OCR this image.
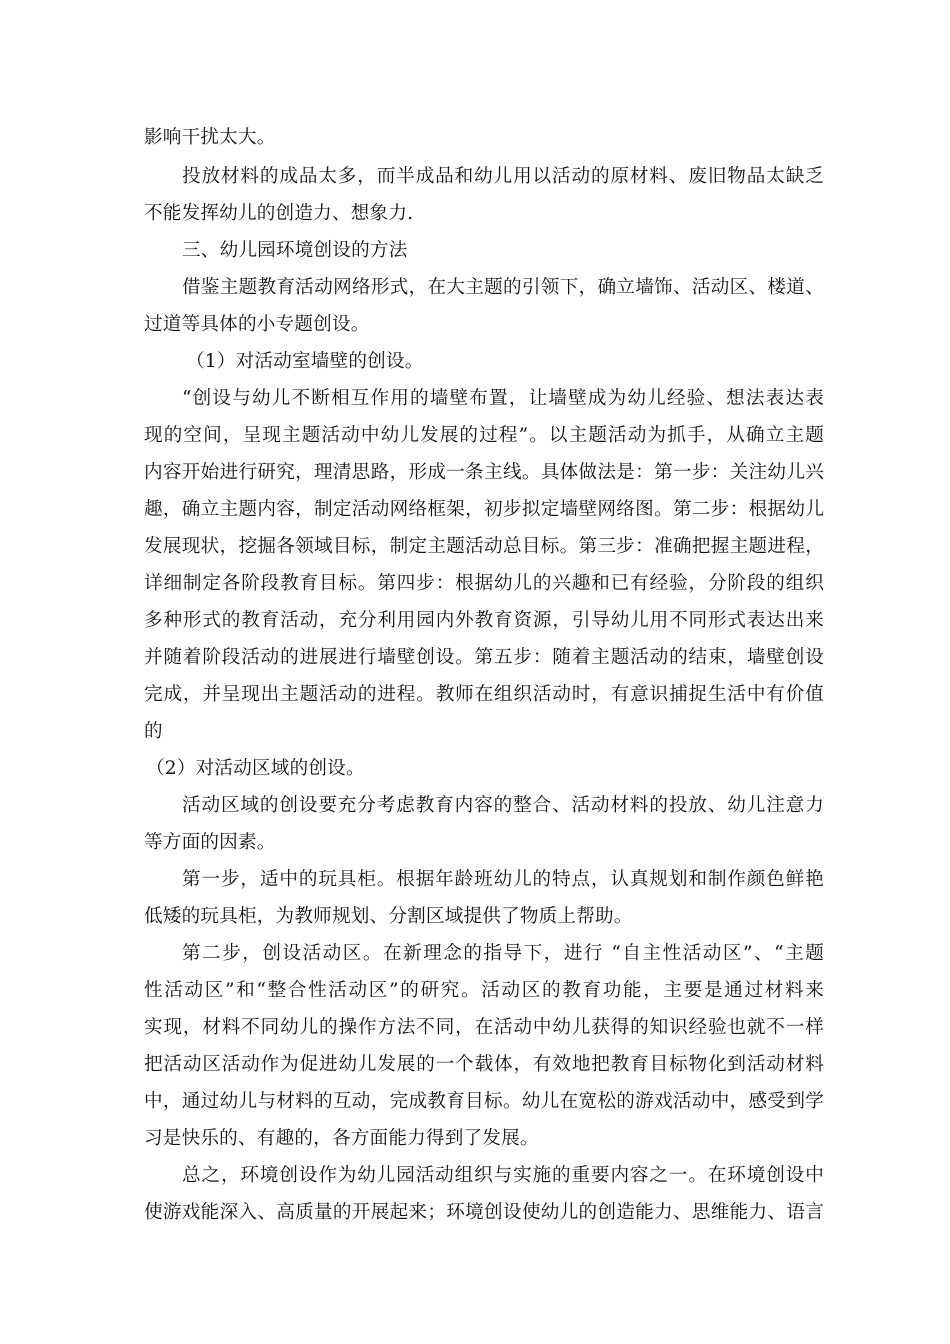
影响干扰太大。
投放材料的成品太多，而半成品和幼儿用以活动的原材料、废旧物品太缺乏
不能发挥幼儿的创造力、想象力.
三、幼儿园环境创设的方法
借鉴主题教育活动网络形式，在大主题的引领下，确立墙饰、活动区、楼道、
过道等具体的小专题创设。
（1）对活动室墙壁的创设。
“创设与幼儿不断相互作用的墙壁布置，让墙壁成为幼儿经验、想法表达表
现的空间，呈现主题活动中幼儿发展的过程”。以主题活动为抓手，从确立主题
内容开始进行研究，理清思路，形成一条主线。具体做法是：第一步：关注幼儿兴
趣，确立主题内容，制定活动网络框架，初步拟定墙壁网络图。第二步：根据幼儿
发展现状，挖掘各领域目标，制定主题活动总目标。第三步：准确把握主题进程，
详细制定各阶段教育目标。第四步：根据幼儿的兴趣和已有经验，分阶段的组织
多种形式的教育活动，充分利用园内外教育资源，引导幼儿用不同形式表达出来
并随着阶段活动的进展进行墙壁创设。第五步：随着主题活动的结束，墙壁创设
完成，并呈现出主题活动的进程。教师在组织活动时，有意识捕捉生活中有价值
的
（2）对活动区域的创设。
活动区域的创设要充分考虑教育内容的整合、活动材料的投放、幼儿注意力
等方面的因素。
第一步，适中的玩具柜。根据年龄班幼儿的特点，认真规划和制作颜色鲜艳
低矮的玩具柜，为教师规划、分割区域提供了物质上帮助。
第二步，创设活动区。在新理念的指导下，进行 “自主性活动区”、“主题
性活动区”和“整合性活动区”的研究。活动区的教育功能，主要是通过材料来
实现，材料不同幼儿的操作方法不同，在活动中幼儿获得的知识经验也就不一样
把活动区活动作为促进幼儿发展的一个载体，有效地把教育目标物化到活动材料
中，通过幼儿与材料的互动，完成教育目标。幼儿在宽松的游戏活动中，感受到学
习是快乐的、有趣的，各方面能力得到了发展。
总之，环境创设作为幼儿园活动组织与实施的重要内容之一。在环境创设中
使游戏能深入、高质量的开展起来；环境创设使幼儿的创造能力、思维能力、语言
